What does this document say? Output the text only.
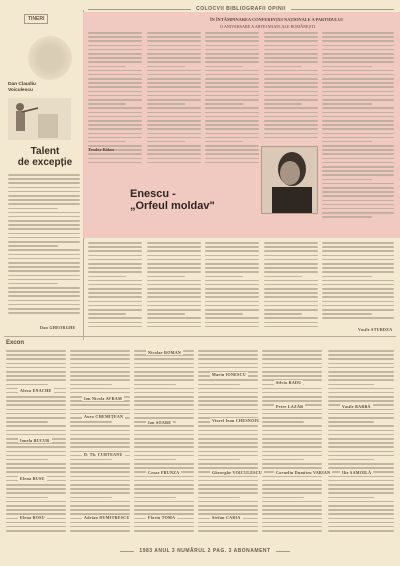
TINERI
Dan Claudiu
Voiculescu
Talent
de excepție
Dan GHEORGHE
COLOCVII BIBLIOGRAFII OPINII
ÎN ÎNTÂMPINAREA CONFERINȚEI NAȚIONALE A PARTIDULUI
O ANIVERSARE A ARTEI MUZICALE ROMÂNEȘTI
Teodor Bălan
Enescu -
„Orfeul moldav"
Vasile STURDZA
Excon
Alexa ENACHE
Ion Nicola AVRAM
Nicolae ROMAN
Marin IONESCU
Silvia RADU
Ionela BUCUR
Aura CHEMIȚEAN
Ion SOARE	Viorel Ioan CHESNOIU
Petre LAZĂR	Vasile BARBĂ
D. Th. CURTEANU
Elena RUSU
Cezar FRUNZA	Gheorghe VOICULESCU	Corneliu Dumitru VARIAN	Ilie SAMOILĂ
Elena ROSU	Adrian DUMITRESCU	Florin TOMA	Stefan CARIA
1983 ANUL 3 NUMĂRUL 2 PAG. 3 ABONAMENT
